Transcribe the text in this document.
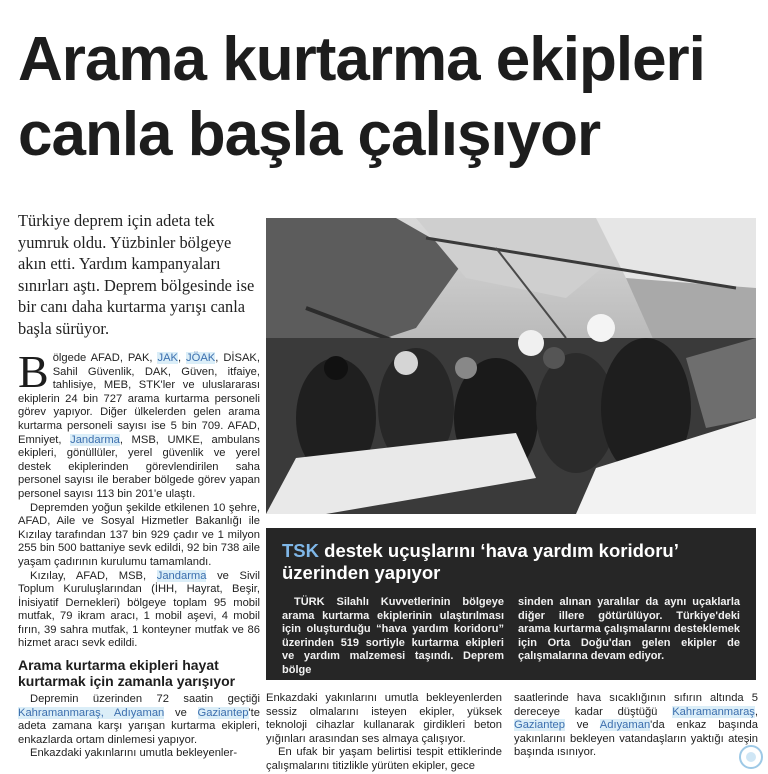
Arama kurtarma ekipleri
canla başla çalışıyor

Türkiye deprem için adeta tek yumruk oldu. Yüzbinler bölgeye akın etti. Yardım kampanyaları sınırları aştı. Deprem bölgesinde ise bir canı daha kurtarma yarışı canla başla sürüyor.

Bölgede AFAD, PAK, JAK, JÖAK, DİSAK, Sahil Güvenlik, DAK, Güven, itfaiye, tahlisiye, MEB, STK'ler ve uluslararası ekiplerin 24 bin 727 arama kurtarma personeli görev yapıyor. Diğer ülkelerden gelen arama kurtarma personeli sayısı ise 5 bin 709. AFAD, Emniyet, Jandarma, MSB, UMKE, ambulans ekipleri, gönüllüler, yerel güvenlik ve yerel destek ekiplerinden görevlendirilen saha personel sayısı ile beraber bölgede görev yapan personel sayısı 113 bin 201'e ulaştı.

Depremden yoğun şekilde etkilenen 10 şehre, AFAD, Aile ve Sosyal Hizmetler Bakanlığı ile Kızılay tarafından 137 bin 929 çadır ve 1 milyon 255 bin 500 battaniye sevk edildi, 92 bin 738 aile yaşam çadırının kurulumu tamamlandı.

Kızılay, AFAD, MSB, Jandarma ve Sivil Toplum Kuruluşlarından (İHH, Hayrat, Beşir, İnisiyatif Dernekleri) bölgeye toplam 95 mobil mutfak, 79 ikram aracı, 1 mobil aşevi, 4 mobil fırın, 39 sahra mutfak, 1 konteyner mutfak ve 86 hizmet aracı sevk edildi.

Arama kurtarma ekipleri hayat kurtarmak için zamanla yarışıyor

Depremin üzerinden 72 saatin geçtiği Kahramanmaraş, Adıyaman ve Gaziantep'te adeta zamana karşı yarışan kurtarma ekipleri, enkazlarda ortam dinlemesi yapıyor.

Enkazdaki yakınlarını umutla bekleyenler-

TSK destek uçuşlarını ‘hava yardım koridoru’ üzerinden yapıyor

TÜRK Silahlı Kuvvetlerinin bölgeye arama kurtarma ekiplerinin ulaştırılması için oluşturduğu “hava yardım koridoru” üzerinden 519 sortiyle kurtarma ekipleri ve yardım malzemesi taşındı. Deprem bölge

sinden alınan yaralılar da aynı uçaklarla diğer illere götürülüyor. Türkiye'deki arama kurtarma çalışmalarını desteklemek için Orta Doğu'dan gelen ekipler de çalışmalarına devam ediyor.

Enkazdaki yakınlarını umutla bekleyenlerden sessiz olmalarını isteyen ekipler, yüksek teknoloji cihazlar kullanarak girdikleri beton yığınları arasından ses almaya çalışıyor.

En ufak bir yaşam belirtisi tespit ettiklerinde çalışmalarını titizlikle yürüten ekipler, gece

saatlerinde hava sıcaklığının sıfırın altında 5 dereceye kadar düştüğü Kahramanmaraş, Gaziantep ve Adıyaman'da enkaz başında yakınlarını bekleyen vatandaşların yaktığı ateşin başında ısınıyor.
